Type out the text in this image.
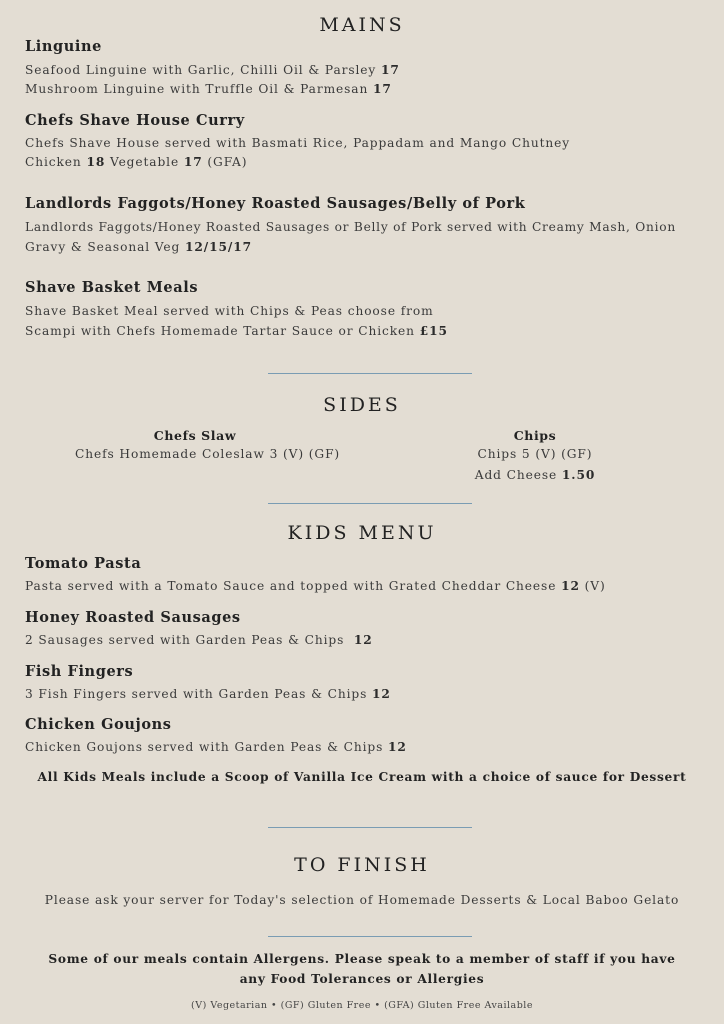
MAINS
Linguine
Seafood Linguine with Garlic, Chilli Oil & Parsley 17
Mushroom Linguine with Truffle Oil & Parmesan 17
Chefs Shave House Curry
Chefs Shave House served with Basmati Rice, Pappadam and Mango Chutney
Chicken 18 Vegetable 17 (GFA)
Landlords Faggots/Honey Roasted Sausages/Belly of Pork
Landlords Faggots/Honey Roasted Sausages or Belly of Pork served with Creamy Mash, Onion
Gravy & Seasonal Veg 12/15/17
Shave Basket Meals
Shave Basket Meal served with Chips & Peas choose from
Scampi with Chefs Homemade Tartar Sauce or Chicken £15
SIDES
Chefs Slaw
Chefs Homemade Coleslaw 3 (V) (GF)
Chips
Chips 5 (V) (GF)
Add Cheese 1.50
KIDS MENU
Tomato Pasta
Pasta served with a Tomato Sauce and topped with Grated Cheddar Cheese 12 (V)
Honey Roasted Sausages
2 Sausages served with Garden Peas & Chips 12
Fish Fingers
3 Fish Fingers served with Garden Peas & Chips 12
Chicken Goujons
Chicken Goujons served with Garden Peas & Chips 12
All Kids Meals include a Scoop of Vanilla Ice Cream with a choice of sauce for Dessert
TO FINISH
Please ask your server for Today's selection of Homemade Desserts & Local Baboo Gelato
Some of our meals contain Allergens. Please speak to a member of staff if you have
any Food Tolerances or Allergies
(V) Vegetarian • (GF) Gluten Free • (GFA) Gluten Free Available
